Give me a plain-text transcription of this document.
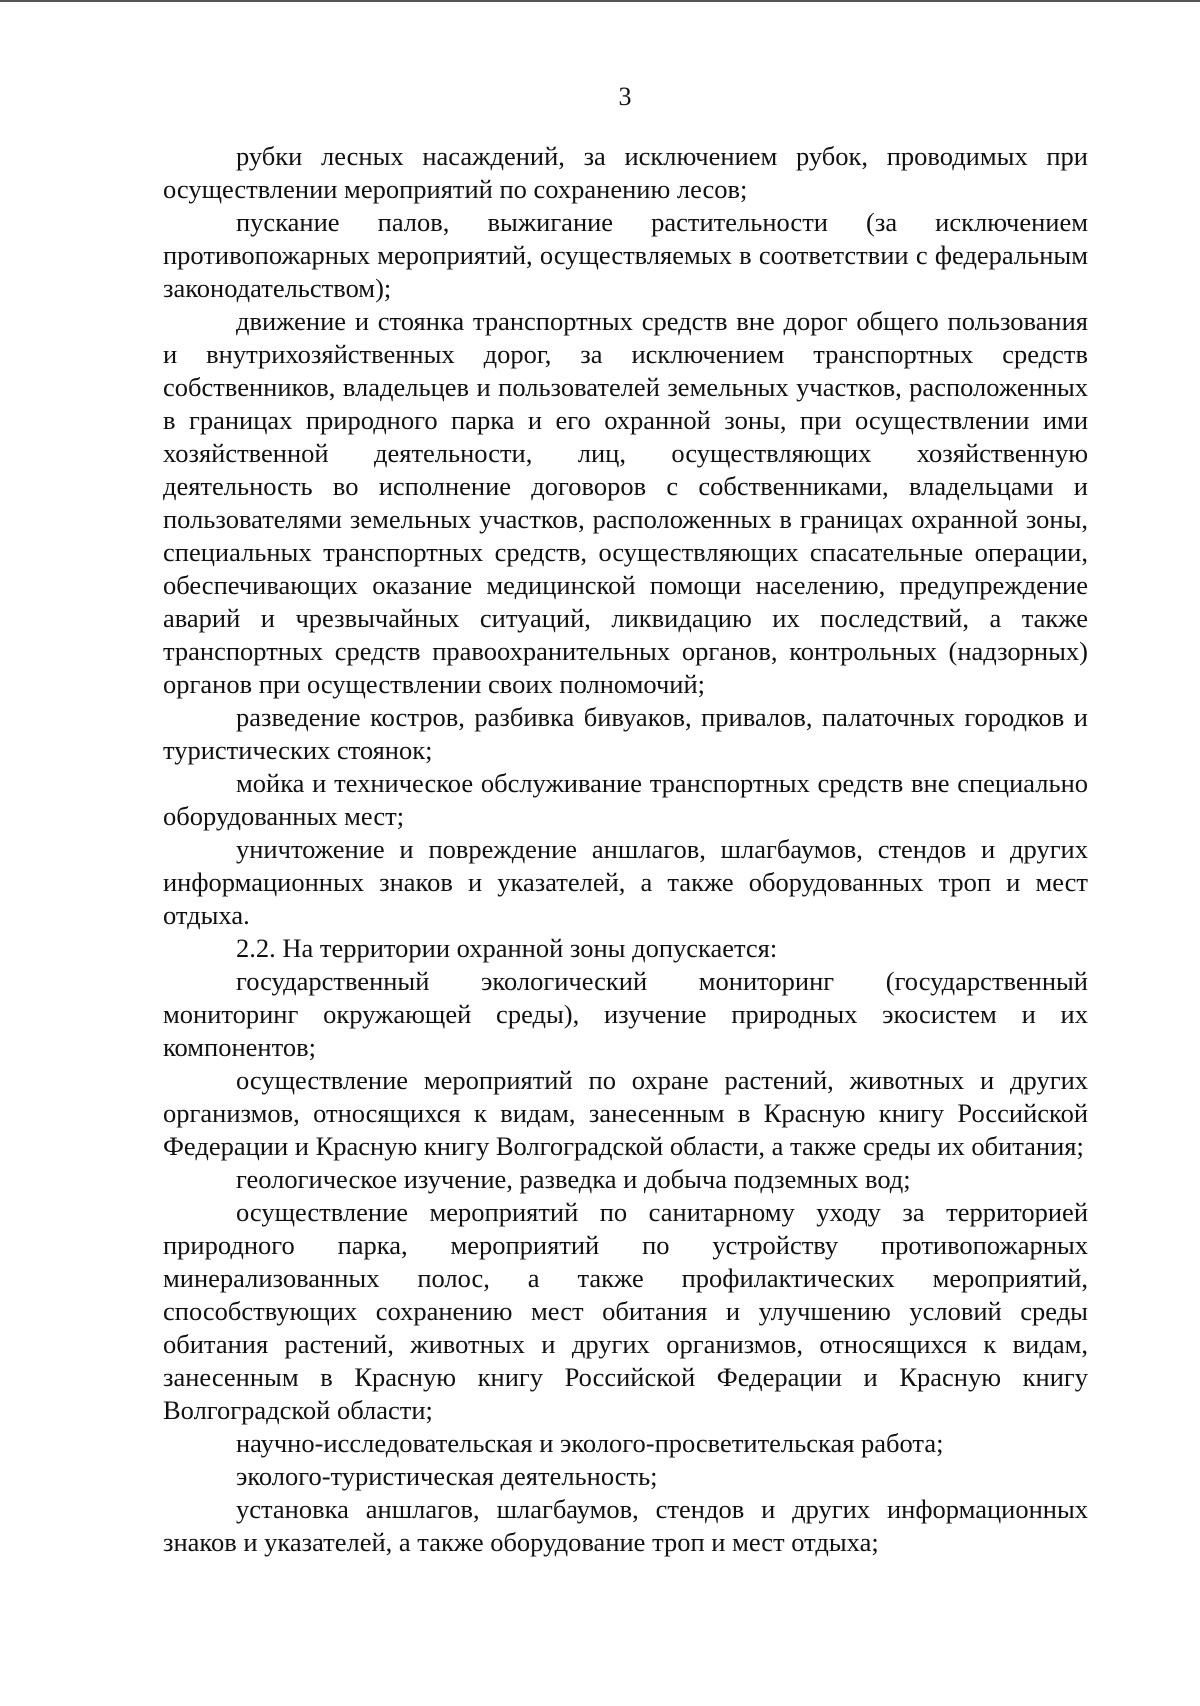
3

рубки лесных насаждений, за исключением рубок, проводимых при осуществлении мероприятий по сохранению лесов;

пускание палов, выжигание растительности (за исключением противопожарных мероприятий, осуществляемых в соответствии с федеральным законодательством);

движение и стоянка транспортных средств вне дорог общего пользования и внутрихозяйственных дорог, за исключением транспортных средств собственников, владельцев и пользователей земельных участков, расположенных в границах природного парка и его охранной зоны, при осуществлении ими хозяйственной деятельности, лиц, осуществляющих хозяйственную деятельность во исполнение договоров с собственниками, владельцами и пользователями земельных участков, расположенных в границах охранной зоны, специальных транспортных средств, осуществляющих спасательные операции, обеспечивающих оказание медицинской помощи населению, предупреждение аварий и чрезвычайных ситуаций, ликвидацию их последствий, а также транспортных средств правоохранительных органов, контрольных (надзорных) органов при осуществлении своих полномочий;

разведение костров, разбивка бивуаков, привалов, палаточных городков и туристических стоянок;

мойка и техническое обслуживание транспортных средств вне специально оборудованных мест;

уничтожение и повреждение аншлагов, шлагбаумов, стендов и других информационных знаков и указателей, а также оборудованных троп и мест отдыха.

2.2. На территории охранной зоны допускается:

государственный экологический мониторинг (государственный мониторинг окружающей среды), изучение природных экосистем и их компонентов;

осуществление мероприятий по охране растений, животных и других организмов, относящихся к видам, занесенным в Красную книгу Российской Федерации и Красную книгу Волгоградской области, а также среды их обитания;

геологическое изучение, разведка и добыча подземных вод;

осуществление мероприятий по санитарному уходу за территорией природного парка, мероприятий по устройству противопожарных минерализованных полос, а также профилактических мероприятий, способствующих сохранению мест обитания и улучшению условий среды обитания растений, животных и других организмов, относящихся к видам, занесенным в Красную книгу Российской Федерации и Красную книгу Волгоградской области;

научно-исследовательская и эколого-просветительская работа;

эколого-туристическая деятельность;

установка аншлагов, шлагбаумов, стендов и других информационных знаков и указателей, а также оборудование троп и мест отдыха;
